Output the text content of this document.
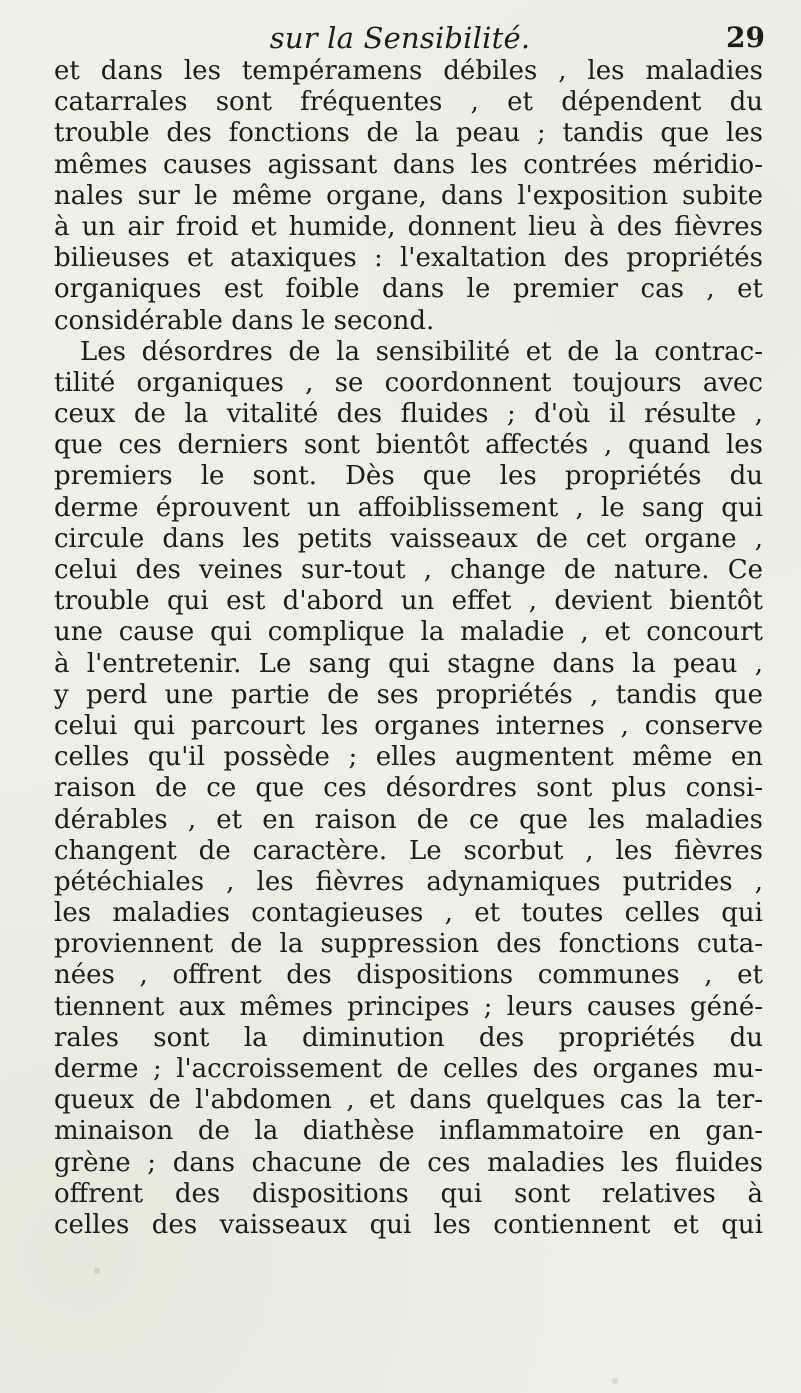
sur la Sensibilité.	29
et dans les tempéramens débiles , les maladies
catarrales sont fréquentes , et dépendent du
trouble des fonctions de la peau ; tandis que les
mêmes causes agissant dans les contrées méridio-
nales sur le même organe, dans l'exposition subite
à un air froid et humide, donnent lieu à des fièvres
bilieuses et ataxiques : l'exaltation des propriétés
organiques est foible dans le premier cas , et
considérable dans le second.
Les désordres de la sensibilité et de la contrac-
tilité organiques , se coordonnent toujours avec
ceux de la vitalité des fluides ; d'où il résulte ,
que ces derniers sont bientôt affectés , quand les
premiers le sont. Dès que les propriétés du
derme éprouvent un affoiblissement , le sang qui
circule dans les petits vaisseaux de cet organe ,
celui des veines sur-tout , change de nature. Ce
trouble qui est d'abord un effet , devient bientôt
une cause qui complique la maladie , et concourt
à l'entretenir. Le sang qui stagne dans la peau ,
y perd une partie de ses propriétés , tandis que
celui qui parcourt les organes internes , conserve
celles qu'il possède ; elles augmentent même en
raison de ce que ces désordres sont plus consi-
dérables , et en raison de ce que les maladies
changent de caractère. Le scorbut , les fièvres
pétéchiales , les fièvres adynamiques putrides ,
les maladies contagieuses , et toutes celles qui
proviennent de la suppression des fonctions cuta-
nées , offrent des dispositions communes , et
tiennent aux mêmes principes ; leurs causes géné-
rales sont la diminution des propriétés du
derme ; l'accroissement de celles des organes mu-
queux de l'abdomen , et dans quelques cas la ter-
minaison de la diathèse inflammatoire en gan-
grène ; dans chacune de ces maladies les fluides
offrent des dispositions qui sont relatives à
celles des vaisseaux qui les contiennent et qui
